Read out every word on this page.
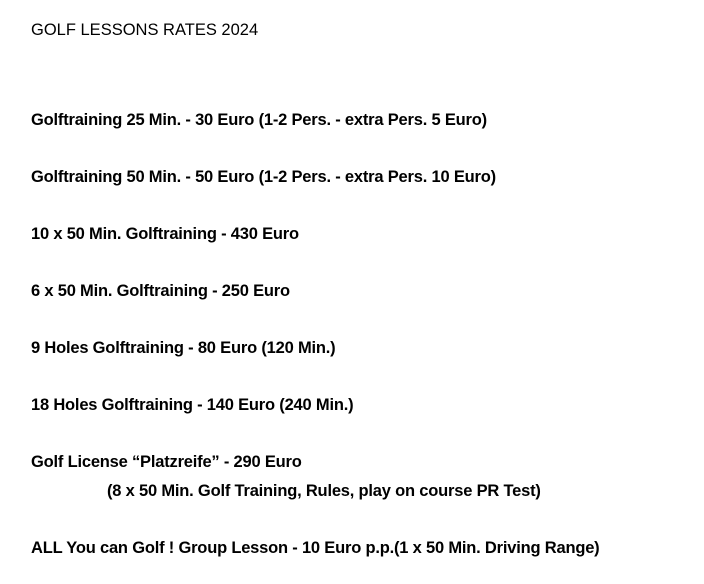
GOLF LESSONS RATES 2024
Golftraining 25 Min. - 30 Euro (1-2 Pers. - extra Pers. 5 Euro)
Golftraining 50 Min. - 50 Euro (1-2 Pers. - extra Pers. 10 Euro)
10 x 50 Min. Golftraining - 430 Euro
6 x 50 Min. Golftraining - 250 Euro
9 Holes Golftraining - 80 Euro (120 Min.)
18 Holes Golftraining - 140 Euro (240 Min.)
Golf License “Platzreife” - 290 Euro
(8 x 50 Min. Golf Training, Rules, play on course PR Test)
ALL You can Golf ! Group Lesson - 10 Euro p.p.(1 x 50 Min. Driving Range)
